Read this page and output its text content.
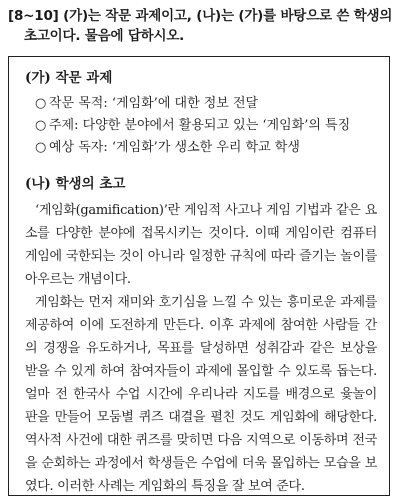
[8~10] (가)는 작문 과제이고, (나)는 (가)를 바탕으로 쓴 학생의
초고이다. 물음에 답하시오.
(가) 작문 과제
○ 작문 목적: ‘게임화’에 대한 정보 전달
○ 주제: 다양한 분야에서 활용되고 있는 ‘게임화’의 특징
○ 예상 독자: ‘게임화’가 생소한 우리 학교 학생
(나) 학생의 초고
‘게임화(gamification)’란 게임적 사고나 게임 기법과 같은 요소를 다양한 분야에 접목시키는 것이다. 이때 게임이란 컴퓨터 게임에 국한되는 것이 아니라 일정한 규칙에 따라 즐기는 놀이를 아우르는 개념이다.
게임화는 먼저 재미와 호기심을 느낄 수 있는 흥미로운 과제를 제공하여 이에 도전하게 만든다. 이후 과제에 참여한 사람들 간의 경쟁을 유도하거나, 목표를 달성하면 성취감과 같은 보상을 받을 수 있게 하여 참여자들이 과제에 몰입할 수 있도록 돕는다. 얼마 전 한국사 수업 시간에 우리나라 지도를 배경으로 윷놀이 판을 만들어 모둠별 퀴즈 대결을 펼친 것도 게임화에 해당한다. 역사적 사건에 대한 퀴즈를 맞히면 다음 지역으로 이동하며 전국을 순회하는 과정에서 학생들은 수업에 더욱 몰입하는 모습을 보였다. 이러한 사례는 게임화의 특징을 잘 보여 준다.
